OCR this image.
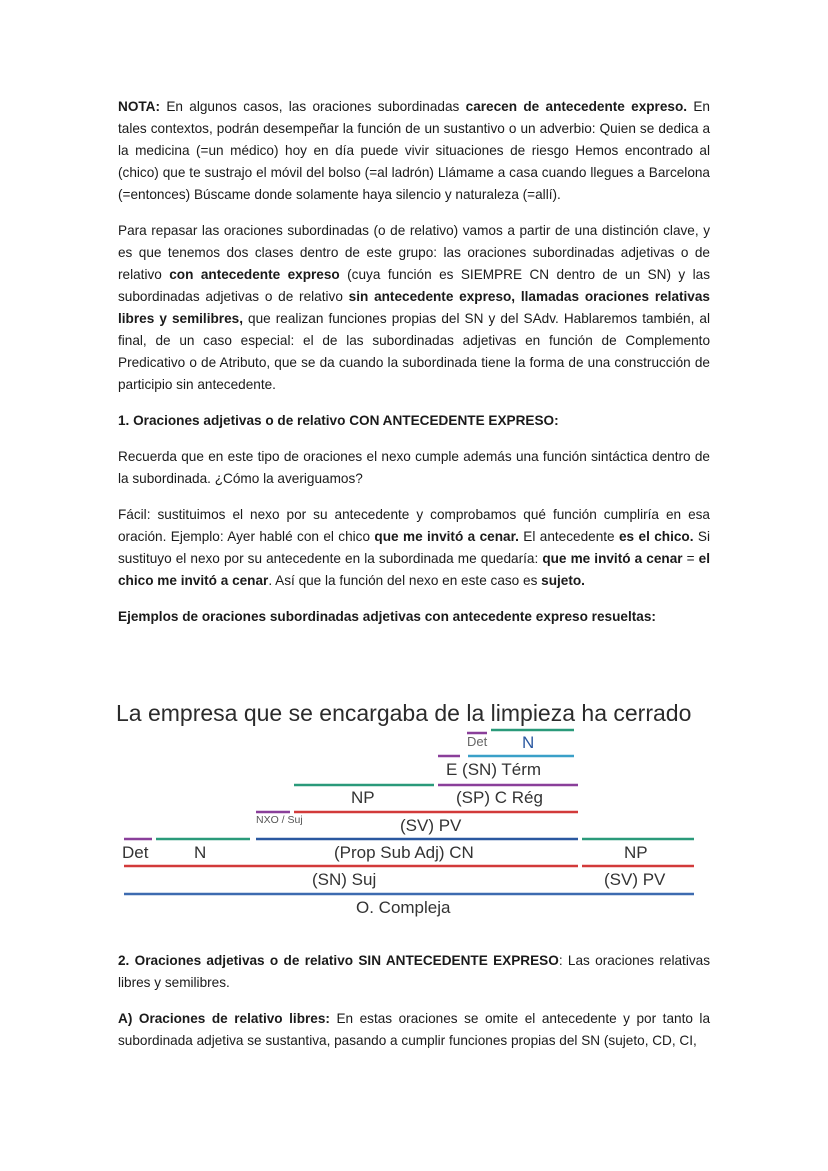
NOTA: En algunos casos, las oraciones subordinadas carecen de antecedente expreso. En tales contextos, podrán desempeñar la función de un sustantivo o un adverbio: Quien se dedica a la medicina (=un médico) hoy en día puede vivir situaciones de riesgo Hemos encontrado al (chico) que te sustrajo el móvil del bolso (=al ladrón) Llámame a casa cuando llegues a Barcelona (=entonces) Búscame donde solamente haya silencio y naturaleza (=allí).

Para repasar las oraciones subordinadas (o de relativo) vamos a partir de una distinción clave, y es que tenemos dos clases dentro de este grupo: las oraciones subordinadas adjetivas o de relativo con antecedente expreso (cuya función es SIEMPRE CN dentro de un SN) y las subordinadas adjetivas o de relativo sin antecedente expreso, llamadas oraciones relativas libres y semilibres, que realizan funciones propias del SN y del SAdv. Hablaremos también, al final, de un caso especial: el de las subordinadas adjetivas en función de Complemento Predicativo o de Atributo, que se da cuando la subordinada tiene la forma de una construcción de participio sin antecedente.

1. Oraciones adjetivas o de relativo CON ANTECEDENTE EXPRESO:

Recuerda que en este tipo de oraciones el nexo cumple además una función sintáctica dentro de la subordinada. ¿Cómo la averiguamos?

Fácil: sustituimos el nexo por su antecedente y comprobamos qué función cumpliría en esa oración. Ejemplo: Ayer hablé con el chico que me invitó a cenar. El antecedente es el chico. Si sustituyo el nexo por su antecedente en la subordinada me quedaría: que me invitó a cenar = el chico me invitó a cenar. Así que la función del nexo en este caso es sujeto.

Ejemplos de oraciones subordinadas adjetivas con antecedente expreso resueltas:

La empresa que se encargaba de la limpieza ha cerrado
Det N
E (SN) Térm
NP	(SP) C Rég
NXO / Suj	(SV) PV
Det	N	(Prop Sub Adj) CN	NP
(SN) Suj	(SV) PV
O. Compleja

2. Oraciones adjetivas o de relativo SIN ANTECEDENTE EXPRESO: Las oraciones relativas libres y semilibres.

A) Oraciones de relativo libres: En estas oraciones se omite el antecedente y por tanto la subordinada adjetiva se sustantiva, pasando a cumplir funciones propias del SN (sujeto, CD, CI,
